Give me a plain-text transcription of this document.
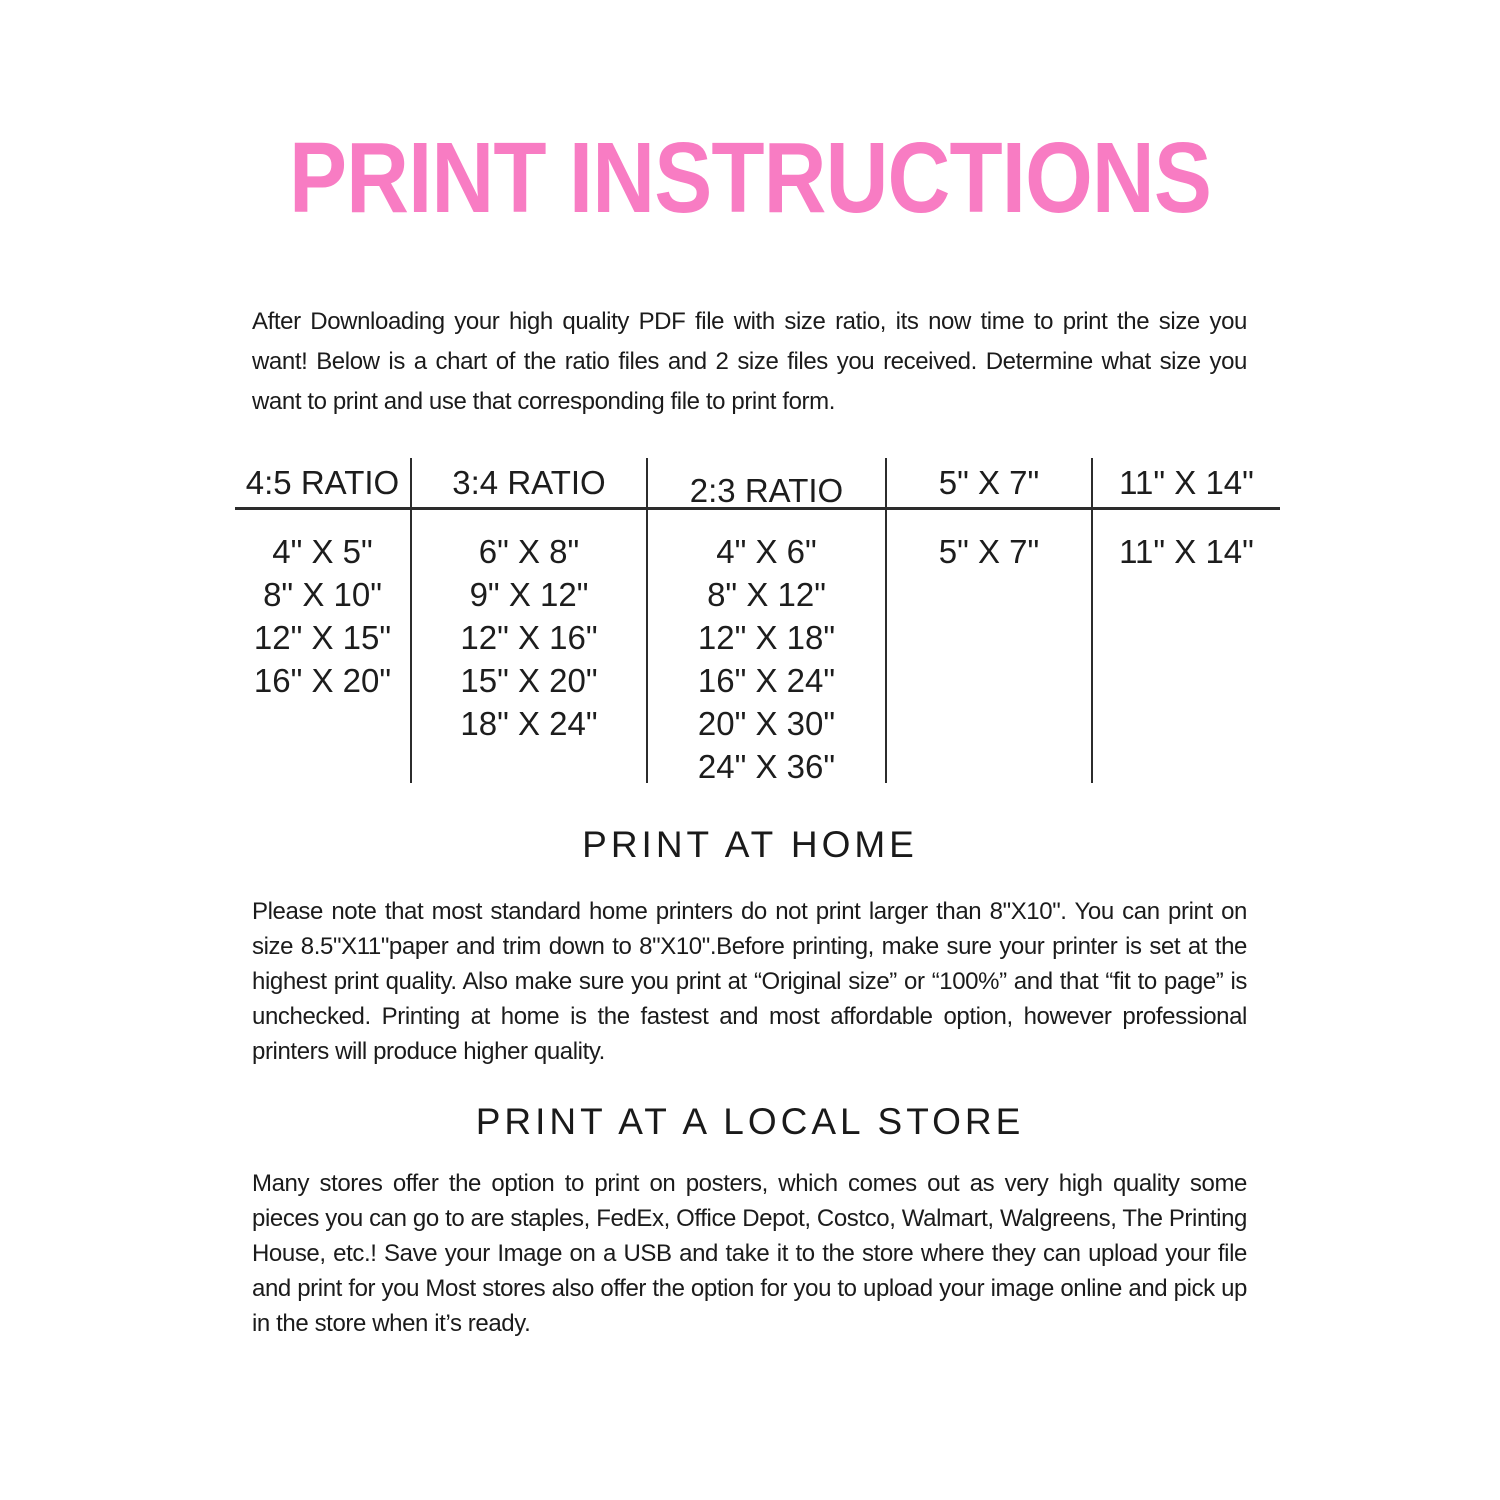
PRINT INSTRUCTIONS

After Downloading your high quality PDF file with size ratio, its now time to print the size you want! Below is a chart of the ratio files and 2 size files you received. Determine what size you want to print and use that corresponding file to print form.

4:5 RATIO 3:4 RATIO	2:3 RATIO	5" X 7" 11" X 14"
4" X 5"
8" X 10"
12" X 15"
16" X 20"
6" X 8"
9" X 12"
12" X 16"
15" X 20"
18" X 24"
4" X 6"
8" X 12"
12" X 18"
16" X 24"
20" X 30"
24" X 36"
5" X 7" 11" X 14"
PRINT AT HOME

Please note that most standard home printers do not print larger than 8"X10". You can print on size 8.5"X11"paper and trim down to 8"X10".Before printing, make sure your printer is set at the highest print quality. Also make sure you print at “Original size” or “100%” and that “fit to page” is unchecked. Printing at home is the fastest and most affordable option, however professional printers will produce higher quality.

PRINT AT A LOCAL STORE

Many stores offer the option to print on posters, which comes out as very high quality some pieces you can go to are staples, FedEx, Office Depot, Costco, Walmart, Walgreens, The Printing House, etc.! Save your Image on a USB and take it to the store where they can upload your file and print for you Most stores also offer the option for you to upload your image online and pick up in the store when it’s ready.
